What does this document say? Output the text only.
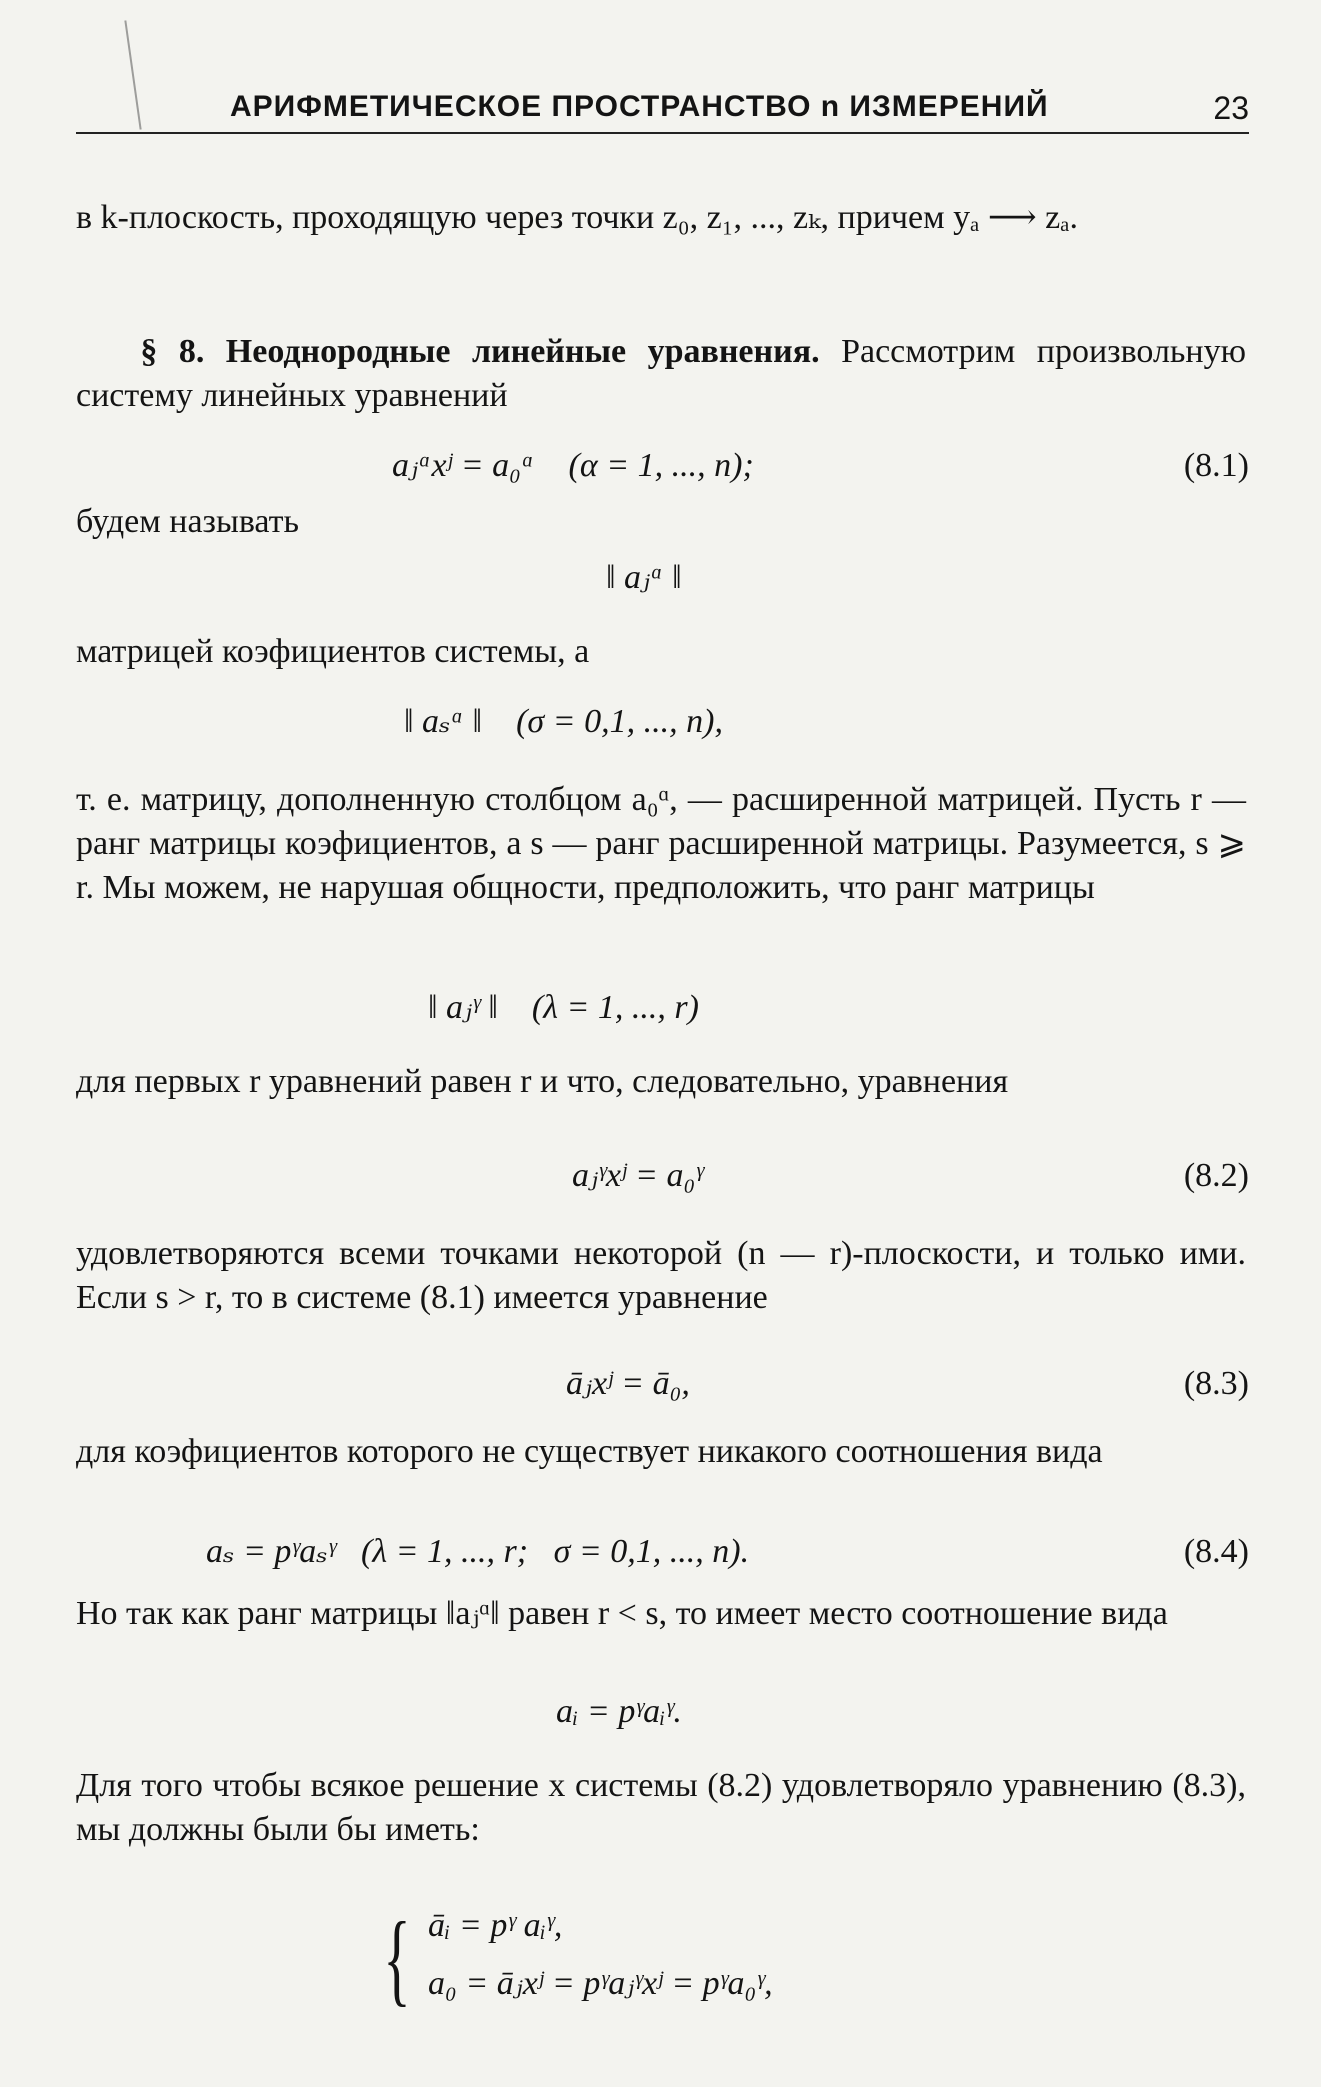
АРИФМЕТИЧЕСКОЕ ПРОСТРАНСТВО n ИЗМЕРЕНИЙ	23
в k-плоскость, проходящую через точки z₀, z₁, ..., zₖ, причем yₐ ⟶ zₐ.
§ 8. Неоднородные линейные уравнения. Рассмотрим произвольную систему линейных уравнений
aⱼᵅxʲ = a₀ᵅ    (α = 1, ..., n);	(8.1)
будем называть
‖ aⱼᵅ ‖
матрицей коэфициентов системы, а
‖ aₛᵅ ‖    (σ = 0,1, ..., n),
т. е. матрицу, дополненную столбцом a₀ᵅ, — расширенной матрицей. Пусть r — ранг матрицы коэфициентов, а s — ранг расширенной матрицы. Разумеется, s ⩾ r. Мы можем, не нарушая общности, предположить, что ранг матрицы
‖ aⱼᵞ ‖    (λ = 1, ..., r)
для первых r уравнений равен r и что, следовательно, уравнения
aⱼᵞxʲ = a₀ᵞ	(8.2)
удовлетворяются всеми точками некоторой (n — r)-плоскости, и только ими. Если s > r, то в системе (8.1) имеется уравнение
āⱼxʲ = ā₀,	(8.3)
для коэфициентов которого не существует никакого соотношения вида
aₛ = pᵞaₛᵞ   (λ = 1, ..., r;   σ = 0,1, ..., n).	(8.4)
Но так как ранг матрицы ‖aⱼᵅ‖ равен r < s, то имеет место соотношение вида
aᵢ = pᵞaᵢᵞ.
Для того чтобы всякое решение x системы (8.2) удовлетворяло уравнению (8.3), мы должны были бы иметь:
{ āᵢ = pᵞ aᵢᵞ,
a₀ = āⱼxʲ = pᵞaⱼᵞxʲ = pᵞa₀ᵞ,
